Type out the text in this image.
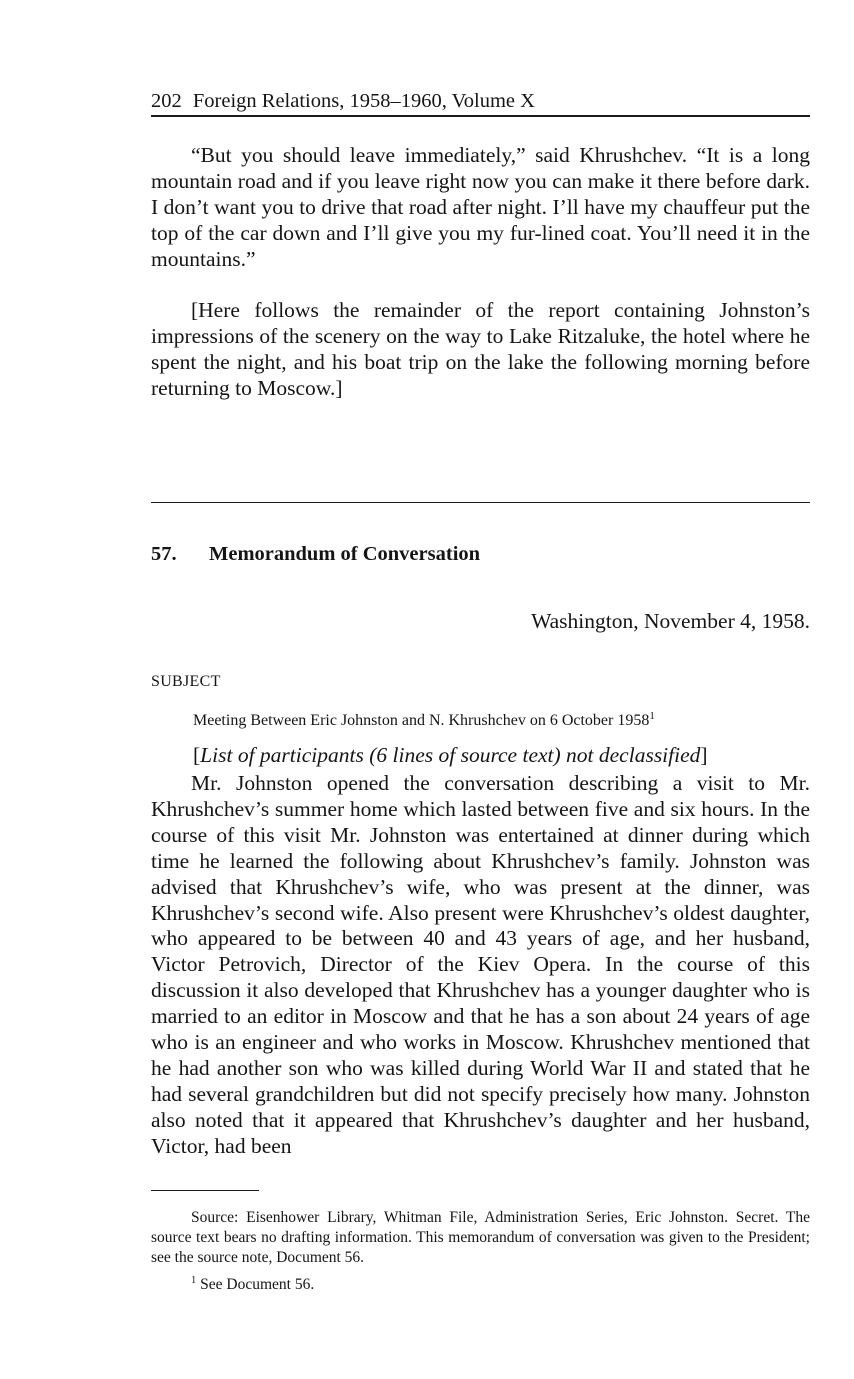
202 Foreign Relations, 1958–1960, Volume X

“But you should leave immediately,” said Khrushchev. “It is a long mountain road and if you leave right now you can make it there before dark. I don’t want you to drive that road after night. I’ll have my chauffeur put the top of the car down and I’ll give you my fur-lined coat. You’ll need it in the mountains.”

[Here follows the remainder of the report containing Johnston’s impressions of the scenery on the way to Lake Ritzaluke, the hotel where he spent the night, and his boat trip on the lake the following morning before returning to Moscow.]

57. Memorandum of Conversation
Washington, November 4, 1958.
SUBJECT
Meeting Between Eric Johnston and N. Khrushchev on 6 October 1958$^1$
[List of participants (6 lines of source text) not declassified]

Mr. Johnston opened the conversation describing a visit to Mr. Khrushchev’s summer home which lasted between five and six hours. In the course of this visit Mr. Johnston was entertained at dinner during which time he learned the following about Khrushchev’s family. Johnston was advised that Khrushchev’s wife, who was present at the dinner, was Khrushchev’s second wife. Also present were Khrushchev’s oldest daughter, who appeared to be between 40 and 43 years of age, and her husband, Victor Petrovich, Director of the Kiev Opera. In the course of this discussion it also developed that Khrushchev has a younger daughter who is married to an editor in Moscow and that he has a son about 24 years of age who is an engineer and who works in Moscow. Khrushchev mentioned that he had another son who was killed during World War II and stated that he had several grandchildren but did not specify precisely how many. Johnston also noted that it appeared that Khrushchev’s daughter and her husband, Victor, had been

Source: Eisenhower Library, Whitman File, Administration Series, Eric Johnston. Secret. The source text bears no drafting information. This memorandum of conversation was given to the President; see the source note, Document 56.

$^1$ See Document 56.
